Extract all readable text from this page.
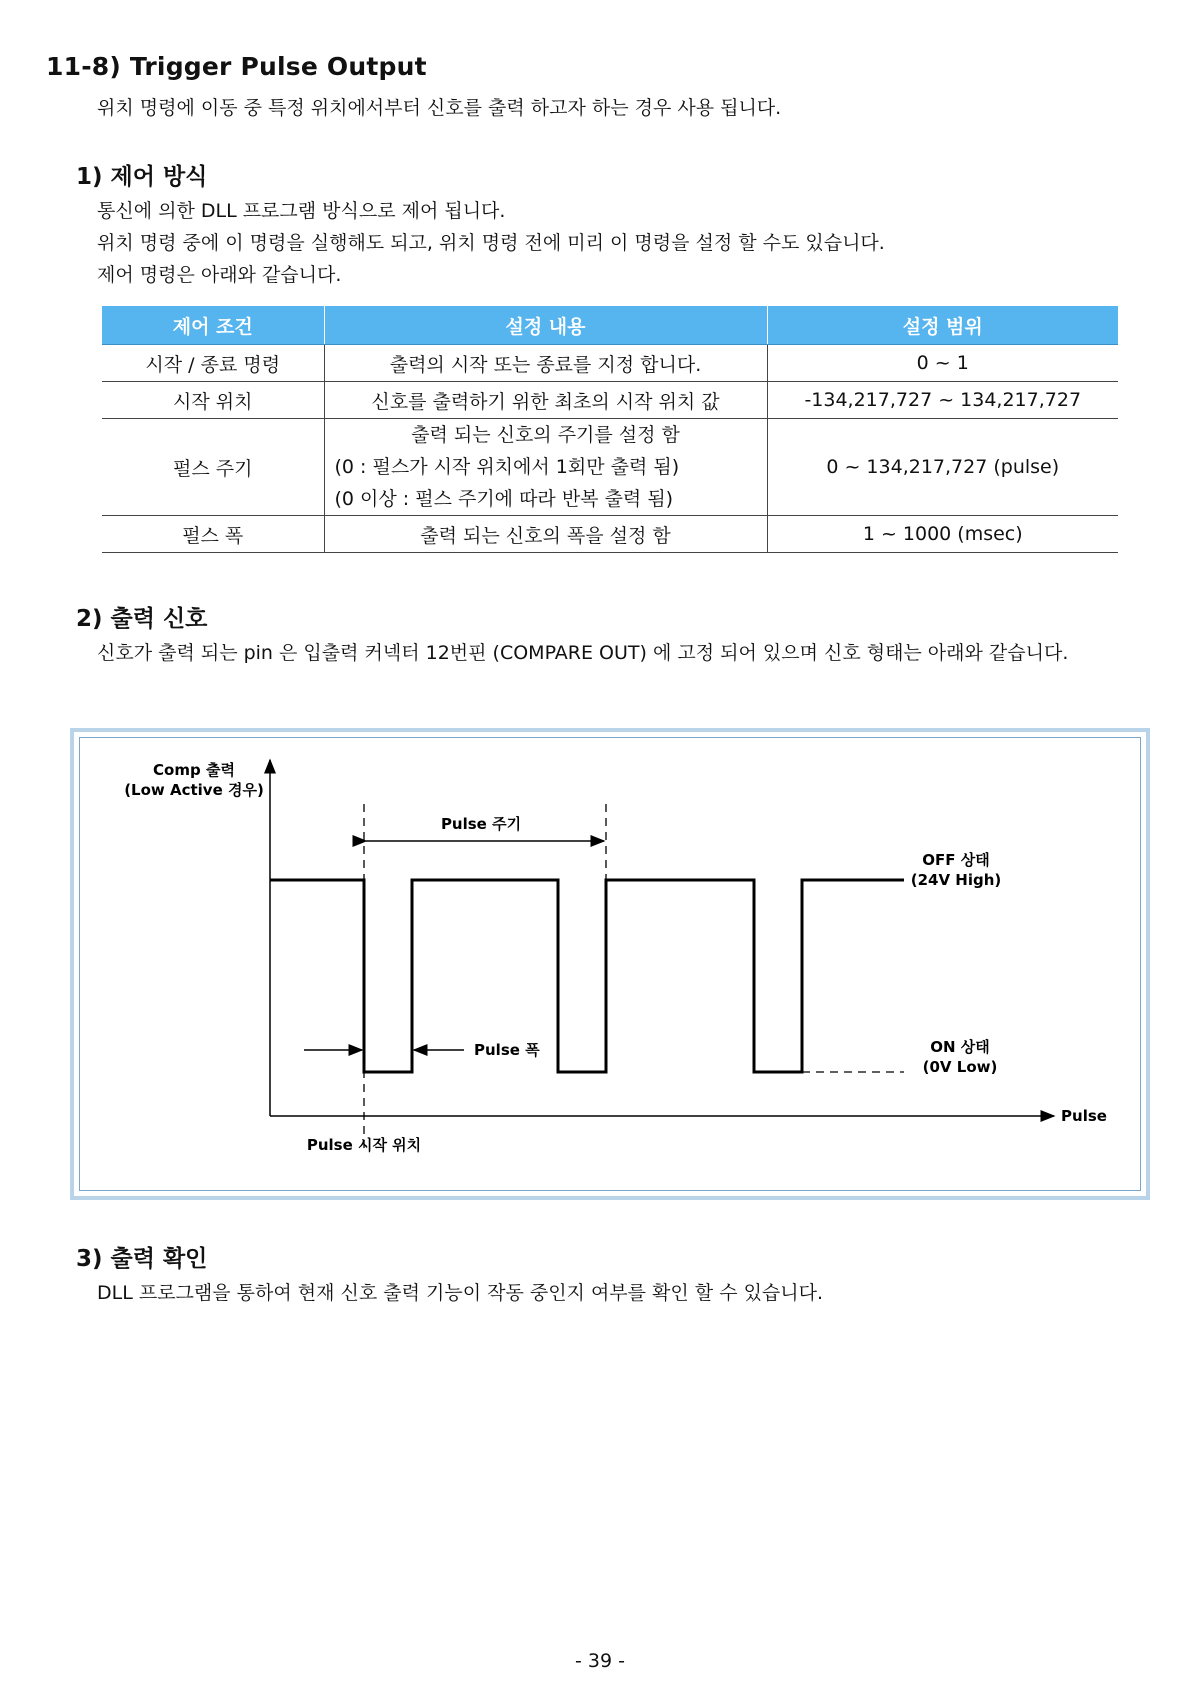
11-8) Trigger Pulse Output
위치 명령에 이동 중 특정 위치에서부터 신호를 출력 하고자 하는 경우 사용 됩니다.
1) 제어 방식
통신에 의한 DLL 프로그램 방식으로 제어 됩니다.
위치 명령 중에 이 명령을 실행해도 되고, 위치 명령 전에 미리 이 명령을 설정 할 수도 있습니다.
제어 명령은 아래와 같습니다.
제어 조건	설정 내용	설정 범위
시작 / 종료 명령	출력의 시작 또는 종료를 지정 합니다.	0 ~ 1
시작 위치	신호를 출력하기 위한 최초의 시작 위치 값	-134,217,727 ~ 134,217,727
펄스 주기	출력 되는 신호의 주기를 설정 함
(0 : 펄스가 시작 위치에서 1회만 출력 됨)
(0 이상 : 펄스 주기에 따라 반복 출력 됨)	0 ~ 134,217,727 (pulse)
펄스 폭	출력 되는 신호의 폭을 설정 함	1 ~ 1000 (msec)
2) 출력 신호
신호가 출력 되는 pin 은 입출력 커넥터 12번핀 (COMPARE OUT) 에 고정 되어 있으며 신호 형태는 아래와 같습니다.
Comp 출력
(Low Active 경우)
Pulse 주기
Pulse 폭
Pulse 시작 위치
OFF 상태
(24V High)
ON 상태
(0V Low)
Pulse
3) 출력 확인
DLL 프로그램을 통하여 현재 신호 출력 기능이 작동 중인지 여부를 확인 할 수 있습니다.
- 39 -
